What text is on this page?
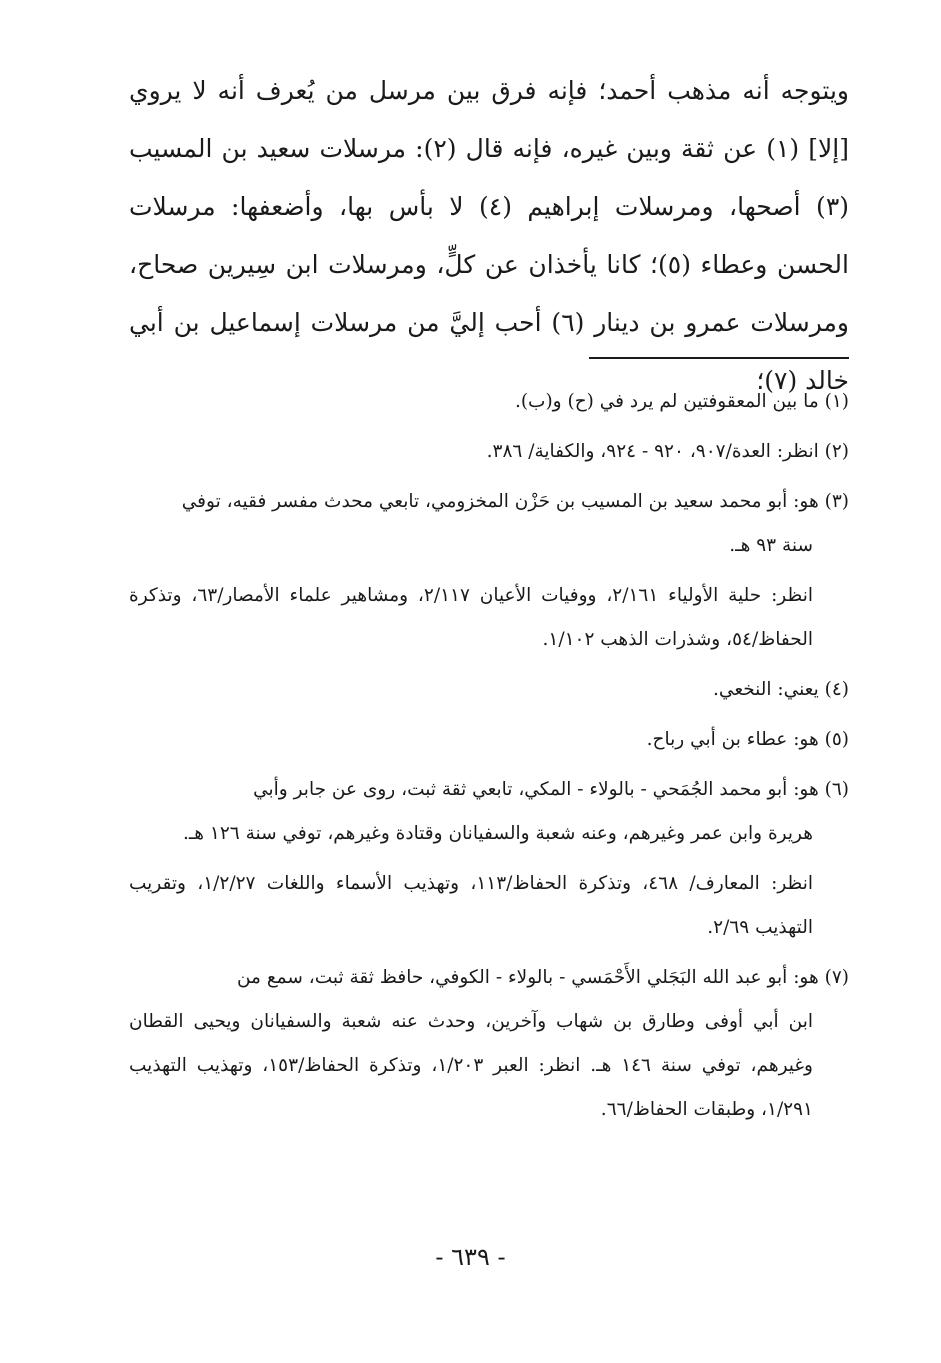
ويتوجه أنه مذهب أحمد؛ فإنه فرق بين مرسل من يُعرف أنه لا يروي [إلا] (١) عن ثقة وبين غيره، فإنه قال (٢): مرسلات سعيد بن المسيب (٣) أصحها، ومرسلات إبراهيم (٤) لا بأس بها، وأضعفها: مرسلات الحسن وعطاء (٥)؛ كانا يأخذان عن كلٍّ، ومرسلات ابن سِيرين صحاح، ومرسلات عمرو بن دينار (٦) أحب إليَّ من مرسلات إسماعيل بن أبي خالد (٧)؛

(١) ما بين المعقوفتين لم يرد في (ح) و(ب).

(٢) انظر: العدة/٩٠٧، ٩٢٠ - ٩٢٤، والكفاية/ ٣٨٦.

(٣) هو: أبو محمد سعيد بن المسيب بن حَزْن المخزومي، تابعي محدث مفسر فقيه، توفي
سنة ٩٣ هـ.

انظر: حلية الأولياء ٢/١٦١، ووفيات الأعيان ٢/١١٧، ومشاهير علماء الأمصار/٦٣، وتذكرة الحفاظ/٥٤، وشذرات الذهب ١/١٠٢.

(٤) يعني: النخعي.

(٥) هو: عطاء بن أبي رباح.

(٦) هو: أبو محمد الجُمَحي - بالولاء - المكي، تابعي ثقة ثبت، روى عن جابر وأبي
هريرة وابن عمر وغيرهم، وعنه شعبة والسفيانان وقتادة وغيرهم، توفي سنة ١٢٦ هـ.

انظر: المعارف/ ٤٦٨، وتذكرة الحفاظ/١١٣، وتهذيب الأسماء واللغات ١/٢/٢٧، وتقريب التهذيب ٢/٦٩.

(٧) هو: أبو عبد الله البَجَلي الأَحْمَسي - بالولاء - الكوفي، حافظ ثقة ثبت، سمع من
ابن أبي أوفى وطارق بن شهاب وآخرين، وحدث عنه شعبة والسفيانان ويحيى القطان وغيرهم، توفي سنة ١٤٦ هـ. انظر: العبر ١/٢٠٣، وتذكرة الحفاظ/١٥٣، وتهذيب التهذيب ١/٢٩١، وطبقات الحفاظ/٦٦.

- ٦٣٩ -
